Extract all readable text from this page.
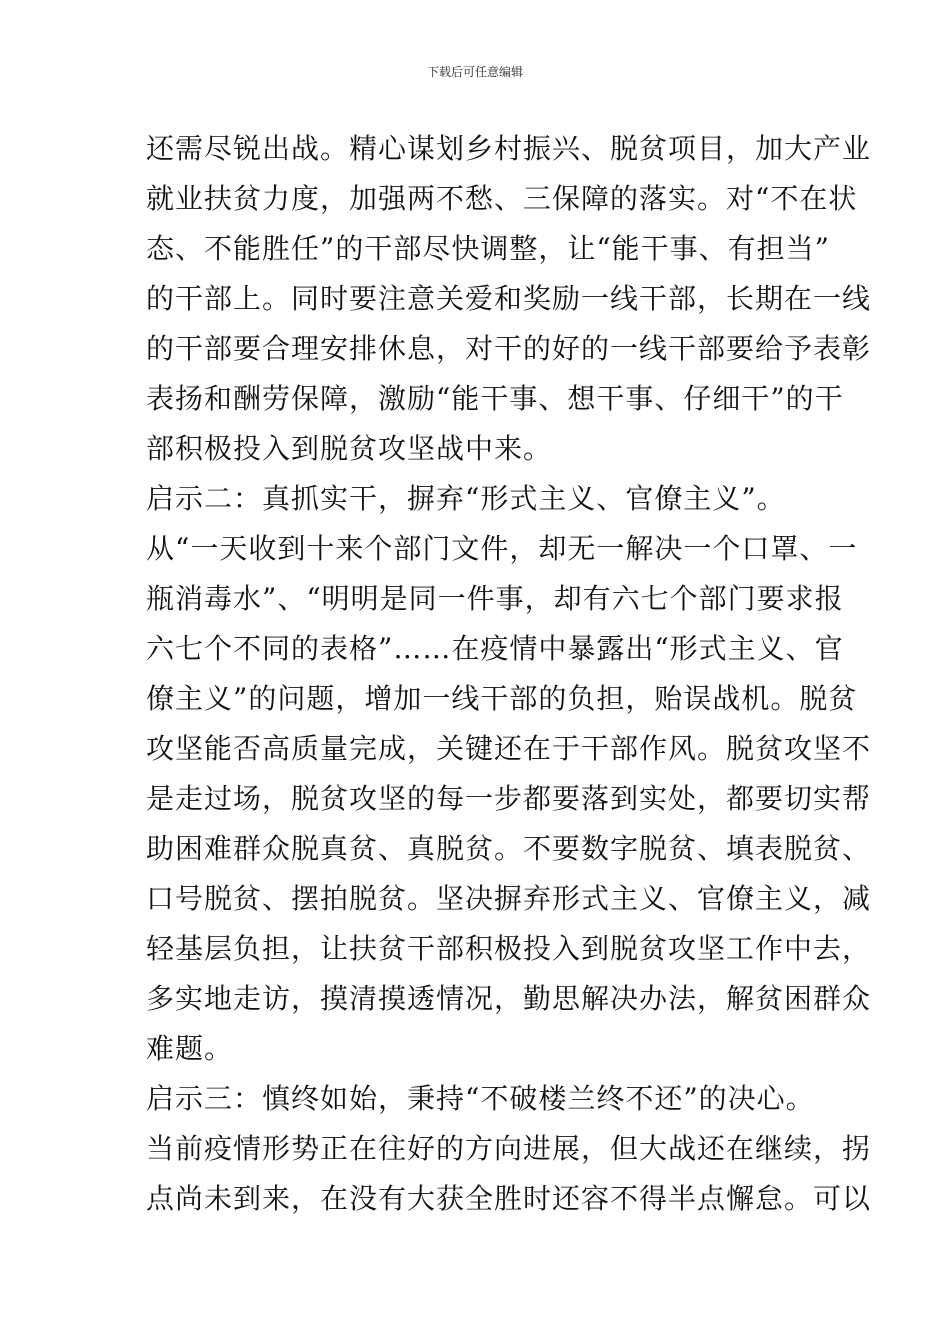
下载后可任意编辑
还需尽锐出战。精心谋划乡村振兴、脱贫项目，加大产业
就业扶贫力度，加强两不愁、三保障的落实。对“不在状
态、不能胜任”的干部尽快调整，让“能干事、有担当”
的干部上。同时要注意关爱和奖励一线干部，长期在一线
的干部要合理安排休息，对干的好的一线干部要给予表彰
表扬和酬劳保障，激励“能干事、想干事、仔细干”的干
部积极投入到脱贫攻坚战中来。
启示二：真抓实干，摒弃“形式主义、官僚主义”。
从“一天收到十来个部门文件，却无一解决一个口罩、一
瓶消毒水”、“明明是同一件事，却有六七个部门要求报
六七个不同的表格”……在疫情中暴露出“形式主义、官
僚主义”的问题，增加一线干部的负担，贻误战机。脱贫
攻坚能否高质量完成，关键还在于干部作风。脱贫攻坚不
是走过场，脱贫攻坚的每一步都要落到实处，都要切实帮
助困难群众脱真贫、真脱贫。不要数字脱贫、填表脱贫、
口号脱贫、摆拍脱贫。坚决摒弃形式主义、官僚主义，减
轻基层负担，让扶贫干部积极投入到脱贫攻坚工作中去，
多实地走访，摸清摸透情况，勤思解决办法，解贫困群众
难题。
启示三：慎终如始，秉持“不破楼兰终不还”的决心。
当前疫情形势正在往好的方向进展，但大战还在继续，拐
点尚未到来，在没有大获全胜时还容不得半点懈怠。可以
